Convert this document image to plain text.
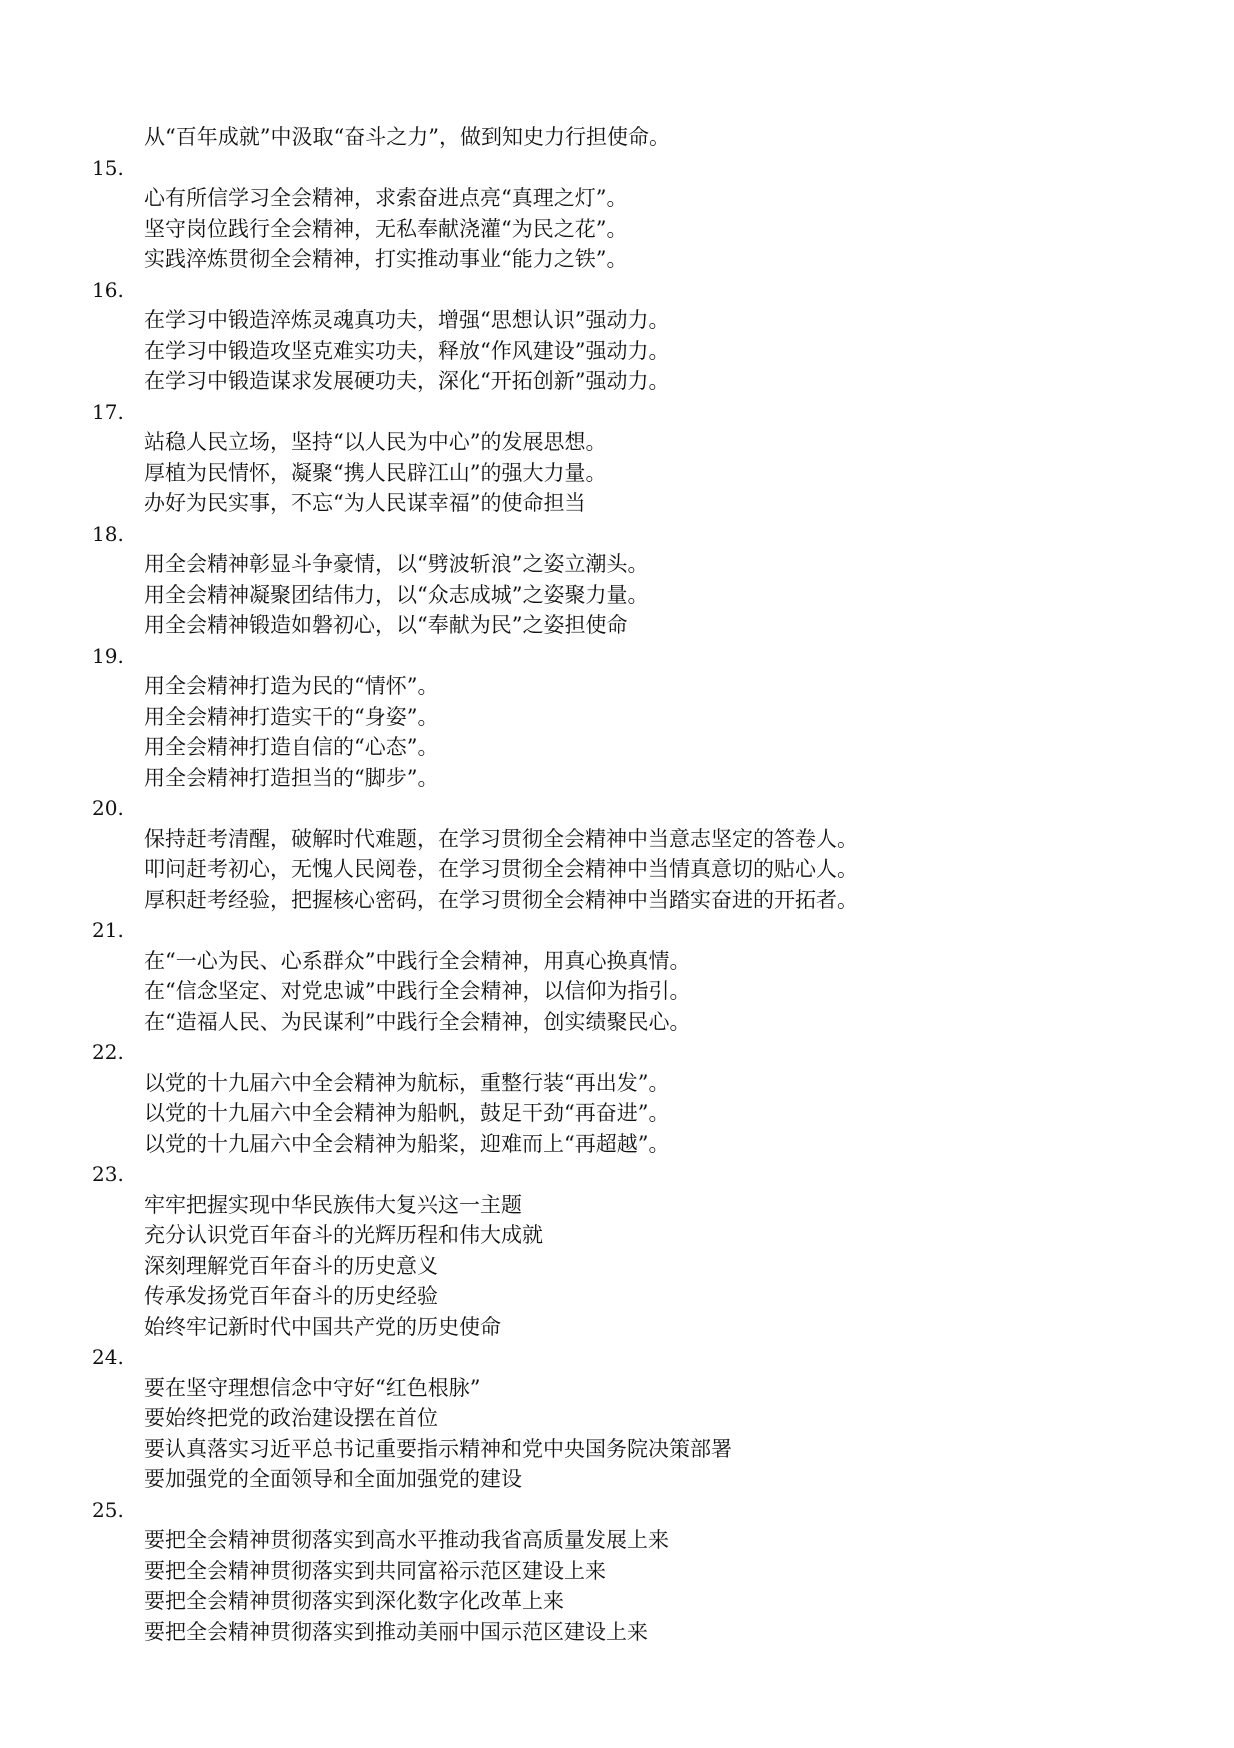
从“百年成就”中汲取“奋斗之力”，做到知史力行担使命。
15.
心有所信学习全会精神，求索奋进点亮“真理之灯”。
坚守岗位践行全会精神，无私奉献浇灌“为民之花”。
实践淬炼贯彻全会精神，打实推动事业“能力之铁”。
16.
在学习中锻造淬炼灵魂真功夫，增强“思想认识”强动力。
在学习中锻造攻坚克难实功夫，释放“作风建设”强动力。
在学习中锻造谋求发展硬功夫，深化“开拓创新”强动力。
17.
站稳人民立场，坚持“以人民为中心”的发展思想。
厚植为民情怀，凝聚“携人民辟江山”的强大力量。
办好为民实事，不忘“为人民谋幸福”的使命担当
18.
用全会精神彰显斗争豪情，以“劈波斩浪”之姿立潮头。
用全会精神凝聚团结伟力，以“众志成城”之姿聚力量。
用全会精神锻造如磐初心，以“奉献为民”之姿担使命
19.
用全会精神打造为民的“情怀”。
用全会精神打造实干的“身姿”。
用全会精神打造自信的“心态”。
用全会精神打造担当的“脚步”。
20.
保持赶考清醒，破解时代难题，在学习贯彻全会精神中当意志坚定的答卷人。
叩问赶考初心，无愧人民阅卷，在学习贯彻全会精神中当情真意切的贴心人。
厚积赶考经验，把握核心密码，在学习贯彻全会精神中当踏实奋进的开拓者。
21.
在“一心为民、心系群众”中践行全会精神，用真心换真情。
在“信念坚定、对党忠诚”中践行全会精神，以信仰为指引。
在“造福人民、为民谋利”中践行全会精神，创实绩聚民心。
22.
以党的十九届六中全会精神为航标，重整行装“再出发”。
以党的十九届六中全会精神为船帆，鼓足干劲“再奋进”。
以党的十九届六中全会精神为船桨，迎难而上“再超越”。
23.
牢牢把握实现中华民族伟大复兴这一主题
充分认识党百年奋斗的光辉历程和伟大成就
深刻理解党百年奋斗的历史意义
传承发扬党百年奋斗的历史经验
始终牢记新时代中国共产党的历史使命
24.
要在坚守理想信念中守好“红色根脉”
要始终把党的政治建设摆在首位
要认真落实习近平总书记重要指示精神和党中央国务院决策部署
要加强党的全面领导和全面加强党的建设
25.
要把全会精神贯彻落实到高水平推动我省高质量发展上来
要把全会精神贯彻落实到共同富裕示范区建设上来
要把全会精神贯彻落实到深化数字化改革上来
要把全会精神贯彻落实到推动美丽中国示范区建设上来
